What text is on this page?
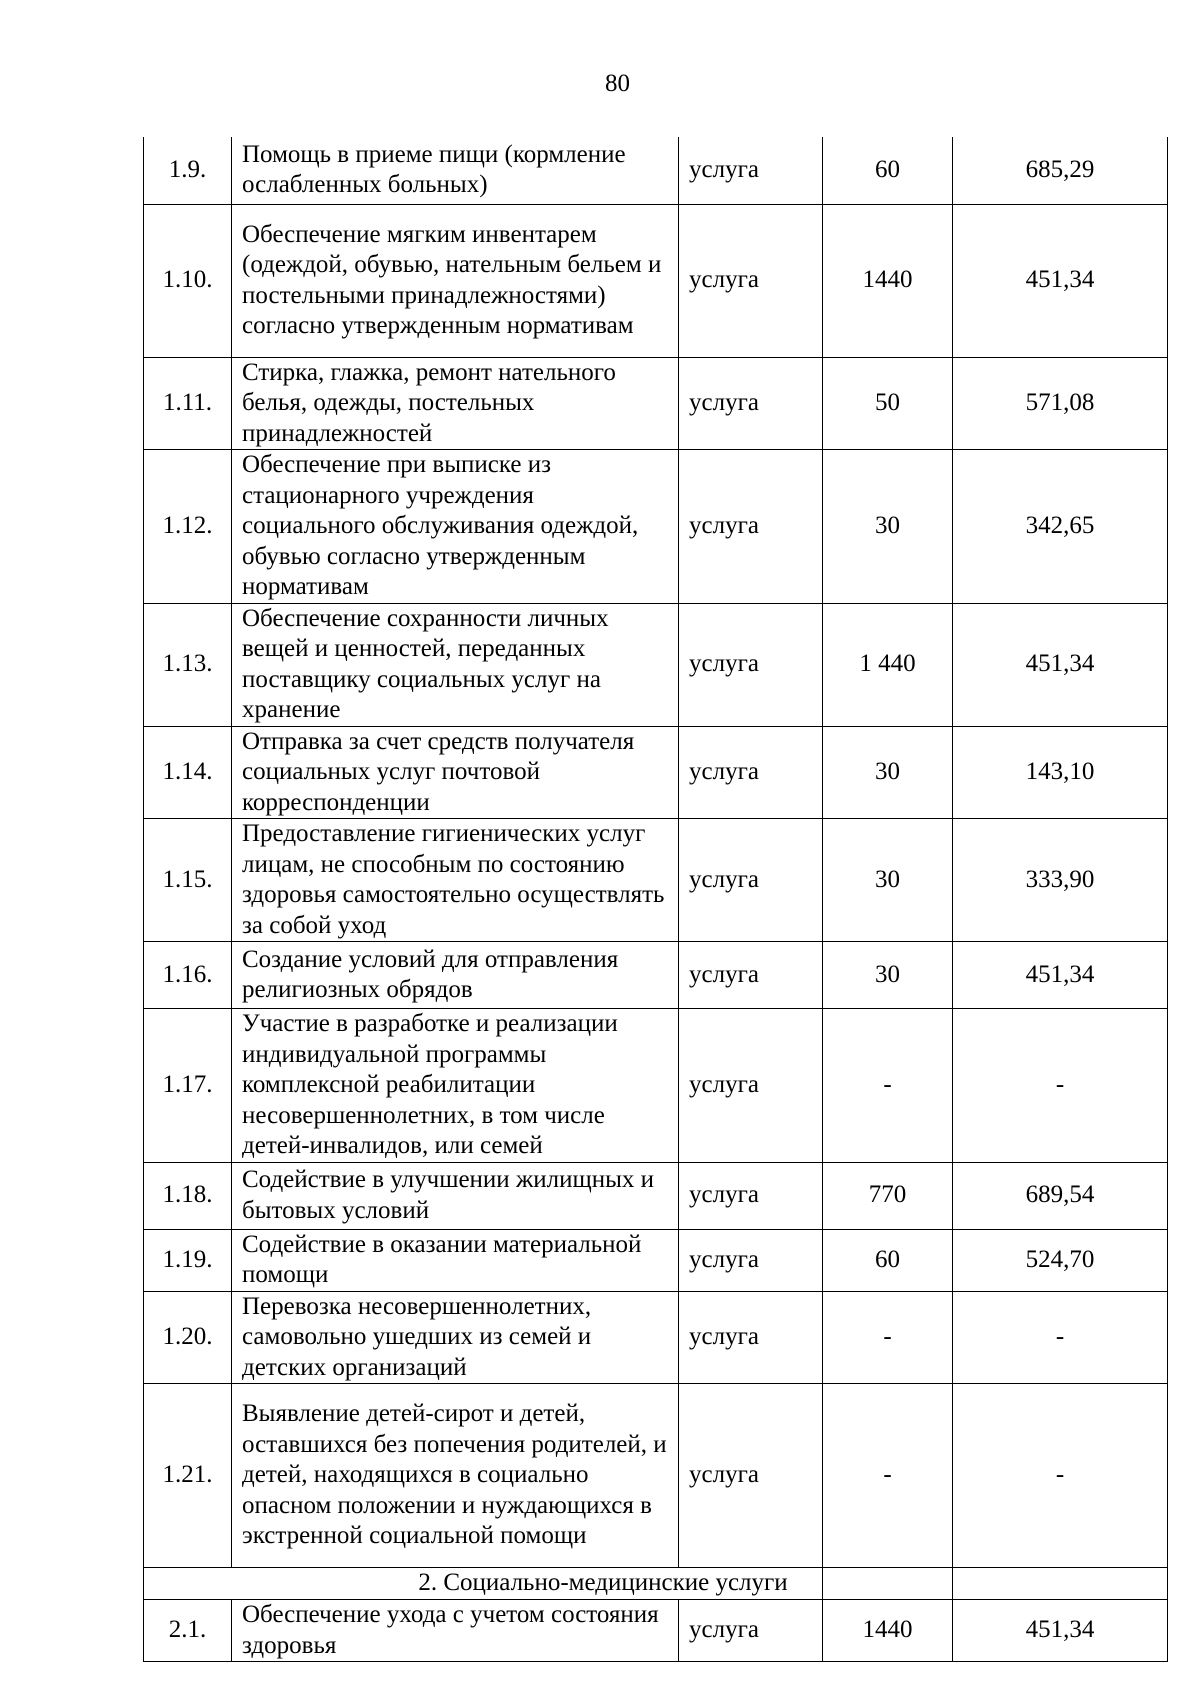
80
1.9.	Помощь в приеме пищи (кормление ослабленных больных)	услуга	60	685,29
1.10.	Обеспечение мягким инвентарем (одеждой, обувью, нательным бельем и постельными принадлежностями) согласно утвержденным нормативам	услуга	1440	451,34
1.11.	Стирка, глажка, ремонт нательного белья, одежды, постельных принадлежностей	услуга	50	571,08
1.12.	Обеспечение при выписке из стационарного учреждения социального обслуживания одеждой, обувью согласно утвержденным нормативам	услуга	30	342,65
1.13.	Обеспечение сохранности личных вещей и ценностей, переданных поставщику социальных услуг на хранение	услуга	1 440	451,34
1.14.	Отправка за счет средств получателя социальных услуг почтовой корреспонденции	услуга	30	143,10
1.15.	Предоставление гигиенических услуг лицам, не способным по состоянию здоровья самостоятельно осуществлять за собой уход	услуга	30	333,90
1.16.	Создание условий для отправления религиозных обрядов	услуга	30	451,34
1.17.	Участие в разработке и реализации индивидуальной программы комплексной реабилитации несовершеннолетних, в том числе детей-инвалидов, или семей	услуга	-	-
1.18.	Содействие в улучшении жилищных и бытовых условий	услуга	770	689,54
1.19.	Содействие в оказании материальной помощи	услуга	60	524,70
1.20.	Перевозка несовершеннолетних, самовольно ушедших из семей и детских организаций	услуга	-	-
1.21.	Выявление детей-сирот и детей, оставшихся без попечения родителей, и детей, находящихся в социально опасном положении и нуждающихся в экстренной социальной помощи	услуга	-	-
2. Социально-медицинские услуги				
2.1.	Обеспечение ухода с учетом состояния здоровья	услуга	1440	451,34
